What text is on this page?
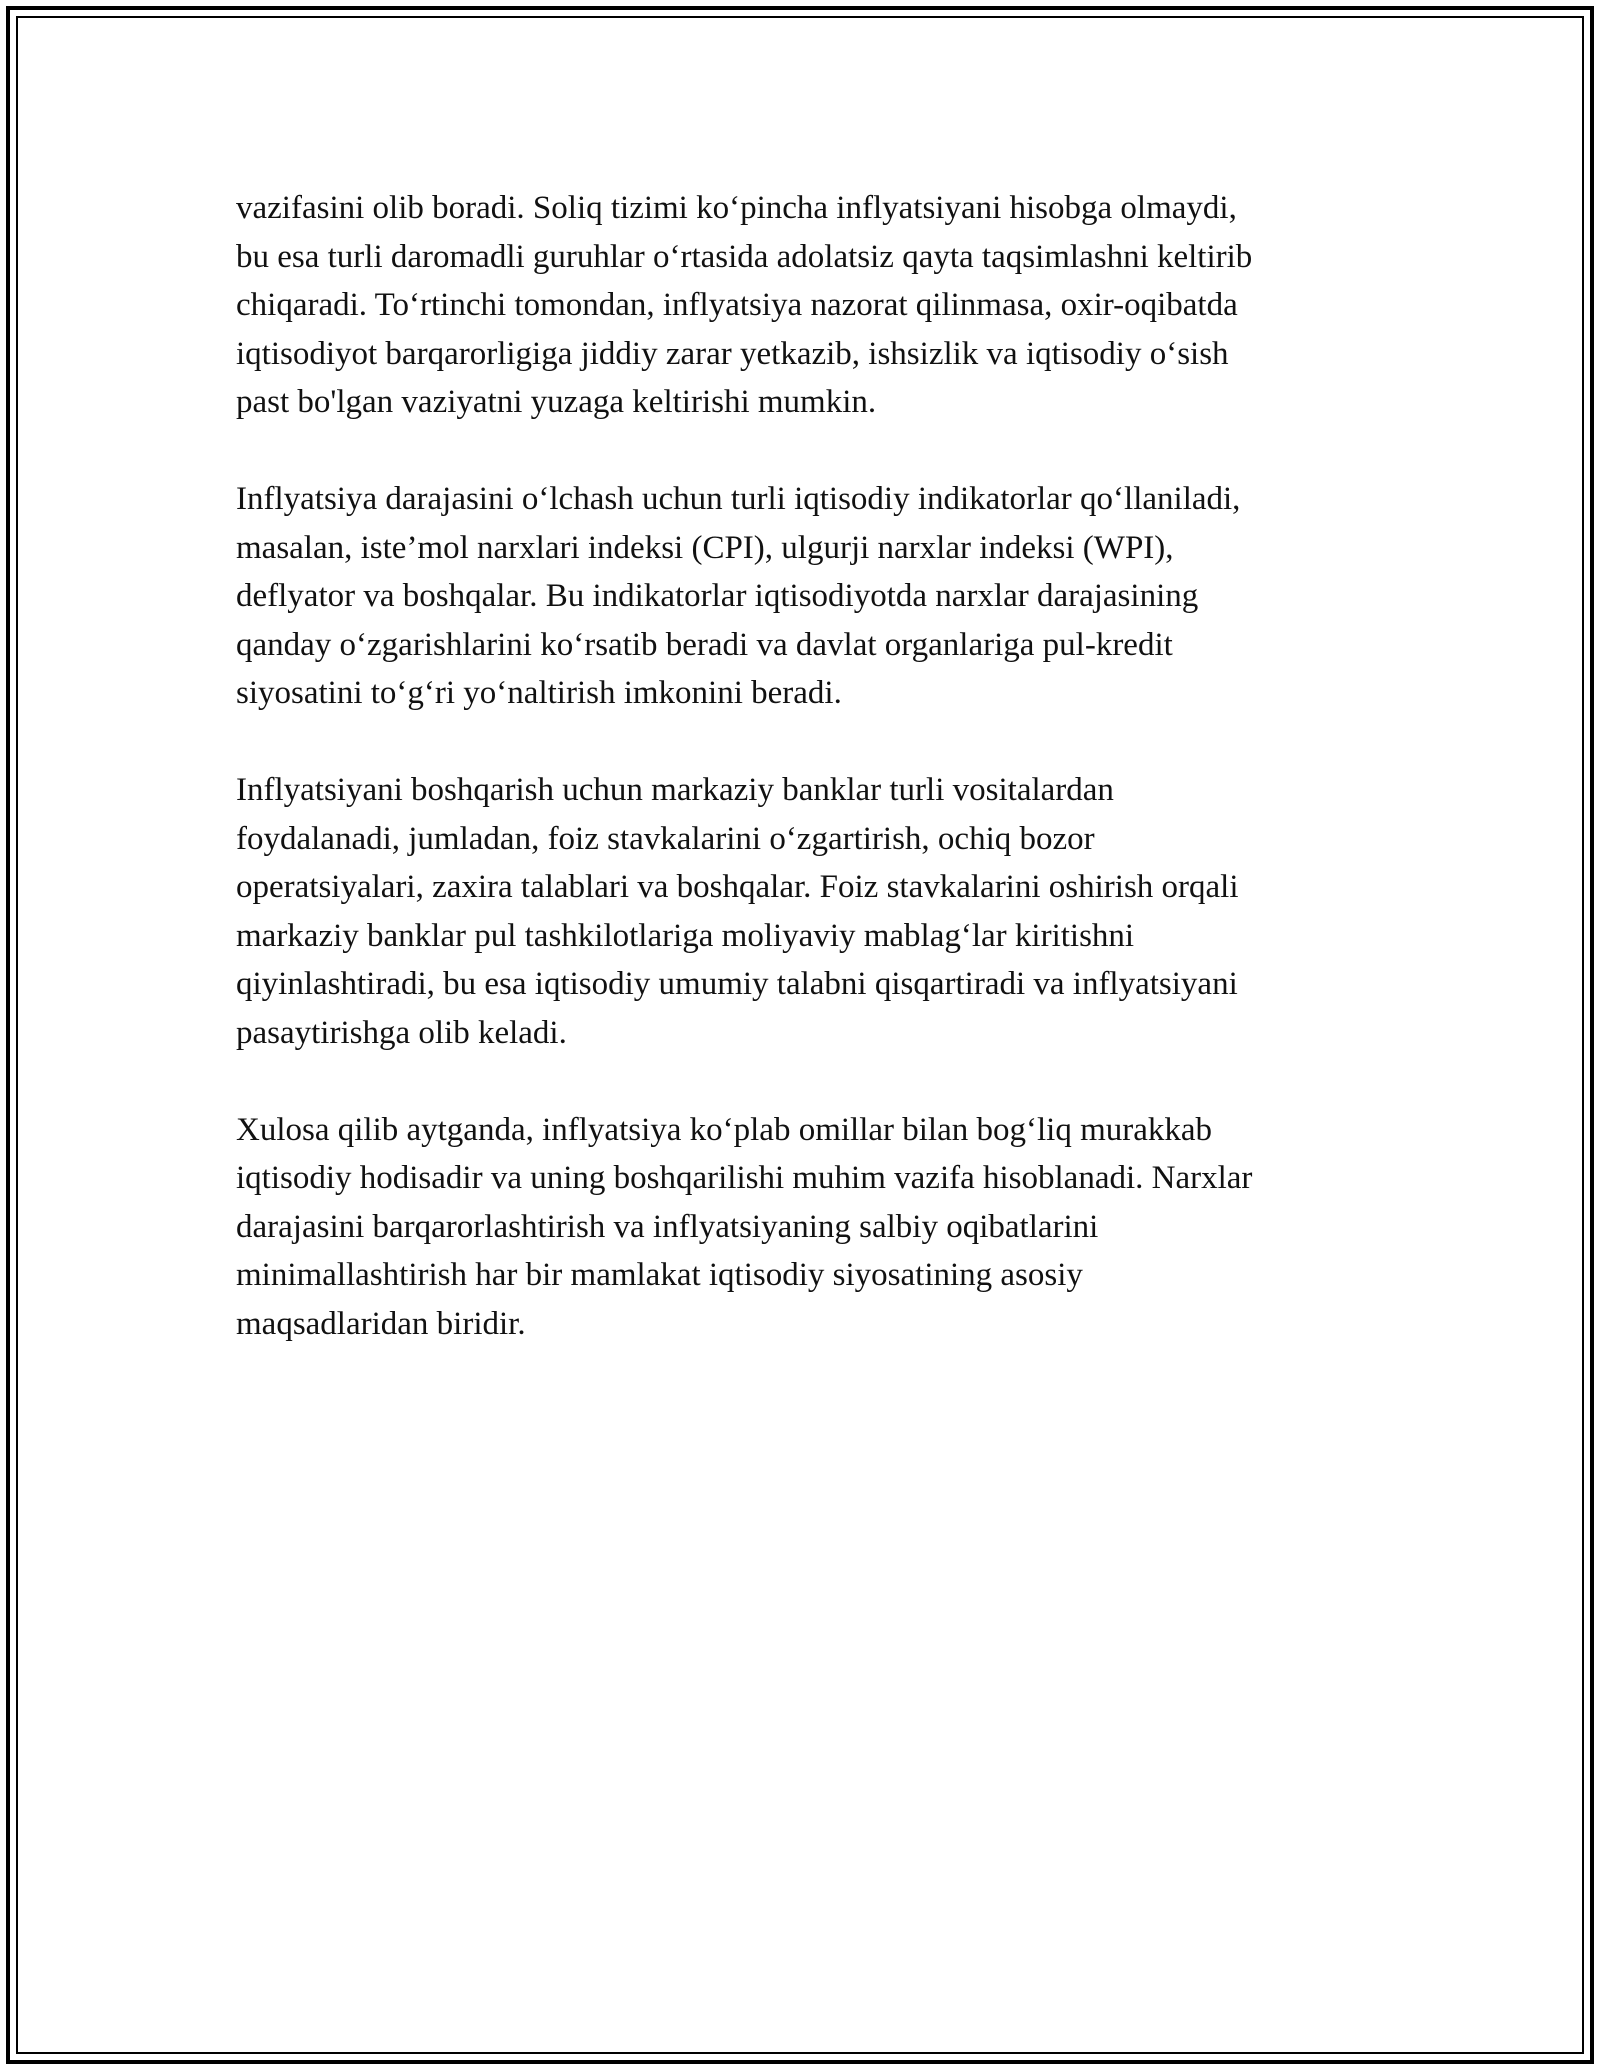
vazifasini olib boradi. Soliq tizimi ko‘pincha inflyatsiyani hisobga olmaydi,
bu esa turli daromadli guruhlar o‘rtasida adolatsiz qayta taqsimlashni keltirib
chiqaradi. To‘rtinchi tomondan, inflyatsiya nazorat qilinmasa, oxir-oqibatda
iqtisodiyot barqarorligiga jiddiy zarar yetkazib, ishsizlik va iqtisodiy o‘sish
past bo'lgan vaziyatni yuzaga keltirishi mumkin.
Inflyatsiya darajasini o‘lchash uchun turli iqtisodiy indikatorlar qo‘llaniladi,
masalan, iste’mol narxlari indeksi (CPI), ulgurji narxlar indeksi (WPI),
deflyator va boshqalar. Bu indikatorlar iqtisodiyotda narxlar darajasining
qanday o‘zgarishlarini ko‘rsatib beradi va davlat organlariga pul-kredit
siyosatini to‘g‘ri yo‘naltirish imkonini beradi.
Inflyatsiyani boshqarish uchun markaziy banklar turli vositalardan
foydalanadi, jumladan, foiz stavkalarini o‘zgartirish, ochiq bozor
operatsiyalari, zaxira talablari va boshqalar. Foiz stavkalarini oshirish orqali
markaziy banklar pul tashkilotlariga moliyaviy mablag‘lar kiritishni
qiyinlashtiradi, bu esa iqtisodiy umumiy talabni qisqartiradi va inflyatsiyani
pasaytirishga olib keladi.
Xulosa qilib aytganda, inflyatsiya ko‘plab omillar bilan bog‘liq murakkab
iqtisodiy hodisadir va uning boshqarilishi muhim vazifa hisoblanadi. Narxlar
darajasini barqarorlashtirish va inflyatsiyaning salbiy oqibatlarini
minimallashtirish har bir mamlakat iqtisodiy siyosatining asosiy
maqsadlaridan biridir.
